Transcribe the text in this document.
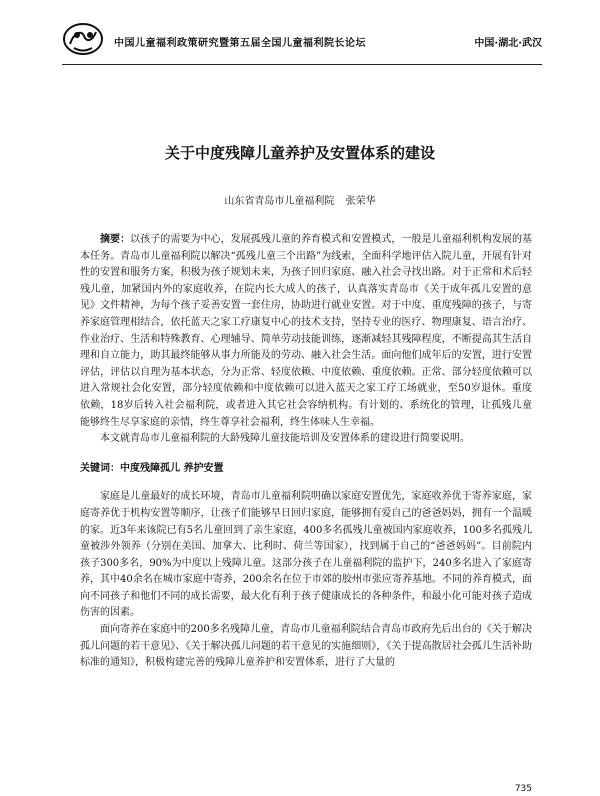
中国儿童福利政策研究暨第五届全国儿童福利院长论坛	中国·湖北·武汉
关于中度残障儿童养护及安置体系的建设
山东省青岛市儿童福利院 张荣华

摘要：以孩子的需要为中心，发展孤残儿童的养育模式和安置模式，一般是儿童福利机构发展的基本任务。青岛市儿童福利院以解决“孤残儿童三个出路”为线索，全面科学地评估入院儿童，开展有针对性的安置和服务方案，积极为孩子规划未来，为孩子回归家庭、融入社会寻找出路。对于正常和术后轻残儿童，加紧国内外的家庭收养，在院内长大成人的孩子，认真落实青岛市《关于成年孤儿安置的意见》文件精神，为每个孩子妥善安置一套住房，协助进行就业安置。对于中度、重度残障的孩子，与寄养家庭管理相结合，依托蓝天之家工疗康复中心的技术支持，坚持专业的医疗、物理康复、语言治疗、作业治疗、生活和特殊教育、心理辅导、简单劳动技能训练，逐渐减轻其残障程度，不断提高其生活自理和自立能力，助其最终能够从事力所能及的劳动、融入社会生活。面向他们成年后的安置，进行安置评估，评估以自理为基本状态，分为正常、轻度依赖、中度依赖、重度依赖。正常、部分轻度依赖可以进入常规社会化安置，部分轻度依赖和中度依赖可以进入蓝天之家工疗工场就业，至50岁退休。重度依赖，18岁后转入社会福利院，或者进入其它社会容纳机构。有计划的、系统化的管理，让孤残儿童能够终生尽享家庭的亲情，终生尊享社会福利，终生体味人生幸福。

本文就青岛市儿童福利院的大龄残障儿童技能培训及安置体系的建设进行简要说明。

关键词：中度残障孤儿 养护安置

家庭是儿童最好的成长环境，青岛市儿童福利院明确以家庭安置优先，家庭收养优于寄养家庭，家庭寄养优于机构安置等顺序，让孩子们能够早日回归家庭，能够拥有爱自己的爸爸妈妈，拥有一个温暖的家。近3年来该院已有5名儿童回到了亲生家庭，400多名孤残儿童被国内家庭收养，100多名孤残儿童被涉外领养（分别在美国、加拿大、比利时、荷兰等国家），找到属于自己的“爸爸妈妈”。目前院内孩子300多名，90%为中度以上残障儿童。这部分孩子在儿童福利院的监护下，240多名进入了家庭寄养，其中40余名在城市家庭中寄养，200余名在位于市郊的胶州市张应寄养基地。不同的养育模式，面向不同孩子和他们不同的成长需要，最大化有利于孩子健康成长的各种条件，和最小化可能对孩子造成伤害的因素。

面向寄养在家庭中的200多名残障儿童，青岛市儿童福利院结合青岛市政府先后出台的《关于解决孤儿问题的若干意见》、《关于解决孤儿问题的若干意见的实施细则》，《关于提高散居社会孤儿生活补助标准的通知》，积极构建完善的残障儿童养护和安置体系，进行了大量的

735
